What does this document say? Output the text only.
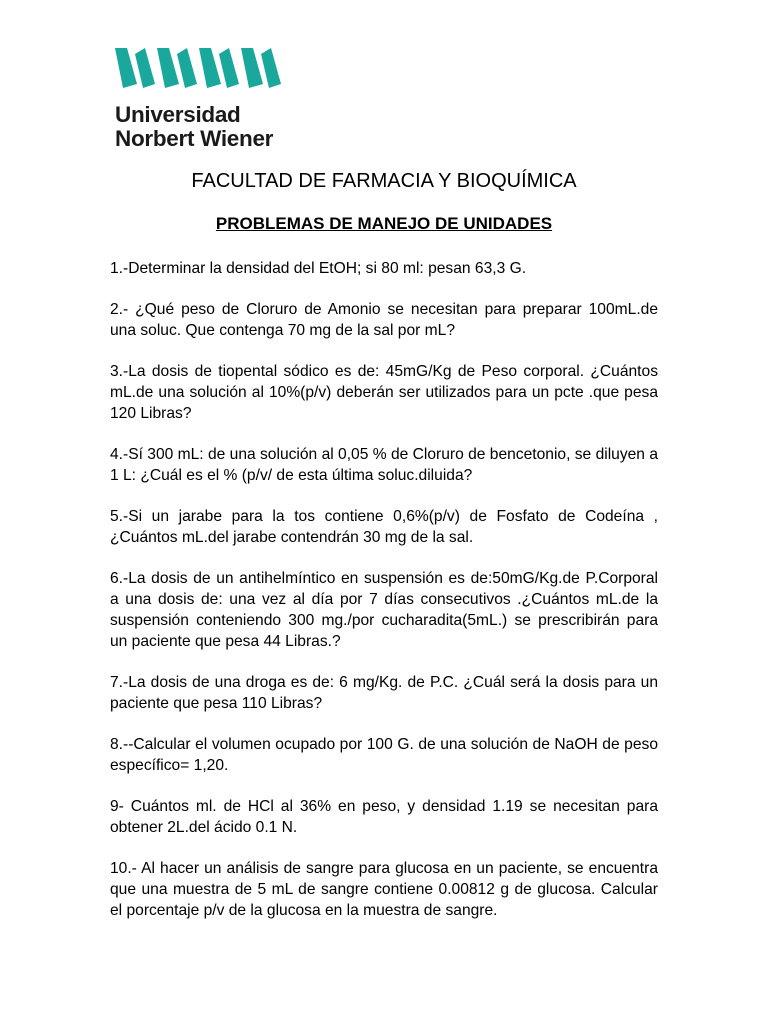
Universidad
Norbert Wiener
FACULTAD DE FARMACIA Y BIOQUÍMICA
PROBLEMAS DE MANEJO DE UNIDADES

1.-Determinar la densidad del EtOH; si 80 ml: pesan 63,3 G.

2.- ¿Qué peso de Cloruro de Amonio se necesitan para preparar 100mL.de una soluc. Que contenga 70 mg de la sal por mL?

3.-La dosis de tiopental sódico es de: 45mG/Kg de Peso corporal. ¿Cuántos mL.de una solución al 10%(p/v) deberán ser utilizados para un pcte .que pesa 120 Libras?

4.-Sí 300 mL: de una solución al 0,05 % de Cloruro de bencetonio, se diluyen a 1 L: ¿Cuál es el % (p/v/ de esta última soluc.diluida?

5.-Si un jarabe para la tos contiene 0,6%(p/v) de Fosfato de Codeína ,¿Cuántos mL.del jarabe contendrán 30 mg de la sal.

6.-La dosis de un antihelmíntico en suspensión es de:50mG/Kg.de P.Corporal a una dosis de: una vez al día por 7 días consecutivos .¿Cuántos mL.de la suspensión conteniendo 300 mg./por cucharadita(5mL.) se prescribirán para un paciente que pesa 44 Libras.?

7.-La dosis de una droga es de: 6 mg/Kg. de P.C. ¿Cuál será la dosis para un paciente que pesa 110 Libras?

8.--Calcular el volumen ocupado por 100 G. de una solución de NaOH de peso específico= 1,20.

9- Cuántos ml. de HCl al 36% en peso, y densidad 1.19 se necesitan para obtener 2L.del ácido 0.1 N.

10.- Al hacer un análisis de sangre para glucosa en un paciente, se encuentra que una muestra de 5 mL de sangre contiene 0.00812 g de glucosa. Calcular el porcentaje p/v de la glucosa en la muestra de sangre.
